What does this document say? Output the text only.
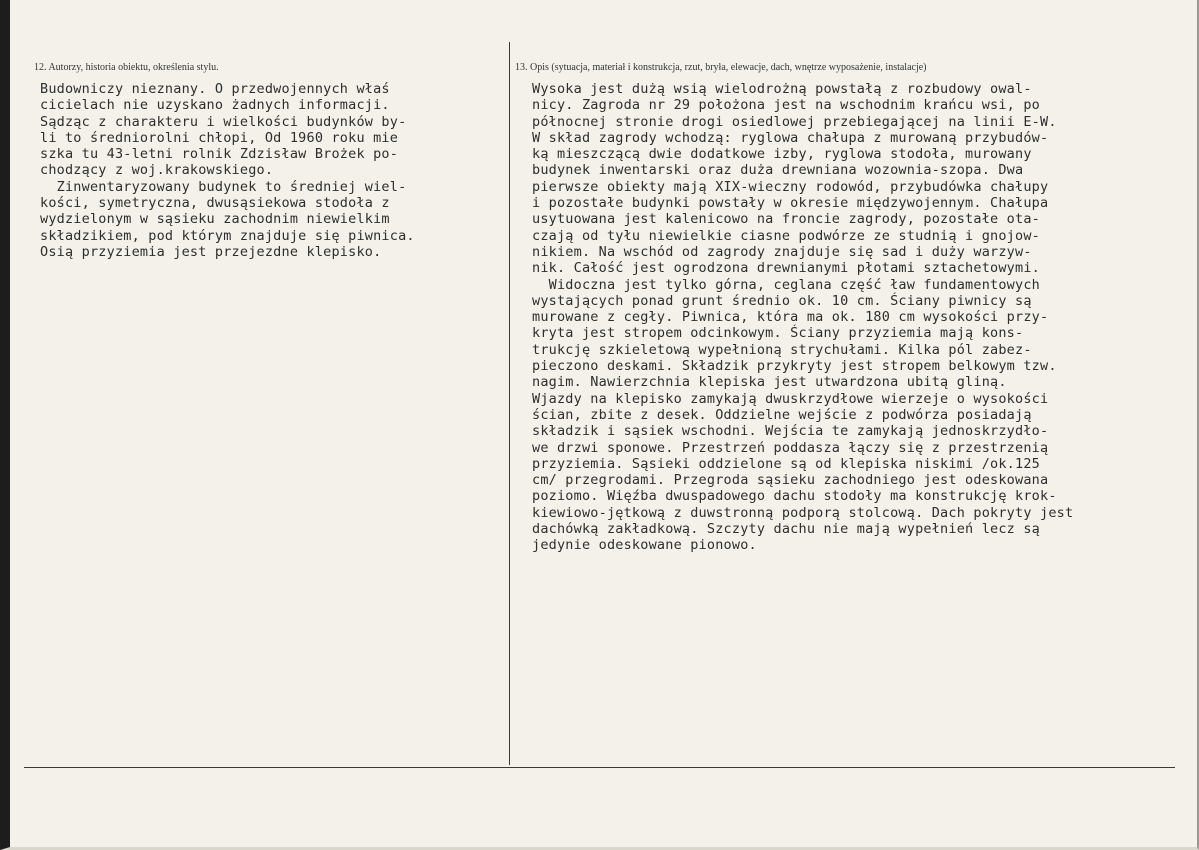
12. Autorzy, historia obiektu, określenia stylu.
Budowniczy nieznany. O przedwojennych właś
cicielach nie uzyskano żadnych informacji.
Sądząc z charakteru i wielkości budynków by-
li to średniorolni chłopi, Od 1960 roku mie
szka tu 43-letni rolnik Zdzisław Brożek po-
chodzący z woj.krakowskiego.
Zinwentaryzowany budynek to średniej wiel-
kości, symetryczna, dwusąsiekowa stodoła z
wydzielonym w sąsieku zachodnim niewielkim
składzikiem, pod którym znajduje się piwnica.
Osią przyziemia jest przejezdne klepisko.
13. Opis (sytuacja, materiał i konstrukcja, rzut, bryła, elewacje, dach, wnętrze wyposażenie, instalacje)
Wysoka jest dużą wsią wielodrożną powstałą z rozbudowy owal-
nicy. Zagroda nr 29 położona jest na wschodnim krańcu wsi, po
północnej stronie drogi osiedlowej przebiegającej na linii E-W.
W skład zagrody wchodzą: ryglowa chałupa z murowaną przybudów-
ką mieszczącą dwie dodatkowe izby, ryglowa stodoła, murowany
budynek inwentarski oraz duża drewniana wozownia-szopa. Dwa
pierwsze obiekty mają XIX-wieczny rodowód, przybudówka chałupy
i pozostałe budynki powstały w okresie międzywojennym. Chałupa
usytuowana jest kalenicowo na froncie zagrody, pozostałe ota-
czają od tyłu niewielkie ciasne podwórze ze studnią i gnojow-
nikiem. Na wschód od zagrody znajduje się sad i duży warzyw-
nik. Całość jest ogrodzona drewnianymi płotami sztachetowymi.
Widoczna jest tylko górna, ceglana część ław fundamentowych
wystających ponad grunt średnio ok. 10 cm. Ściany piwnicy są
murowane z cegły. Piwnica, która ma ok. 180 cm wysokości przy-
kryta jest stropem odcinkowym. Ściany przyziemia mają kons-
trukcję szkieletową wypełnioną strychułami. Kilka pól zabez-
pieczono deskami. Składzik przykryty jest stropem belkowym tzw.
nagim. Nawierzchnia klepiska jest utwardzona ubitą gliną.
Wjazdy na klepisko zamykają dwuskrzydłowe wierzeje o wysokości
ścian, zbite z desek. Oddzielne wejście z podwórza posiadają
składzik i sąsiek wschodni. Wejścia te zamykają jednoskrzydło-
we drzwi sponowe. Przestrzeń poddasza łączy się z przestrzenią
przyziemia. Sąsieki oddzielone są od klepiska niskimi /ok.125
cm/ przegrodami. Przegroda sąsieku zachodniego jest odeskowana
poziomo. Więźba dwuspadowego dachu stodoły ma konstrukcję krok-
kiewiowo-jętkową z duwstronną podporą stolcową. Dach pokryty jest
dachówką zakładkową. Szczyty dachu nie mają wypełnień lecz są
jedynie odeskowane pionowo.
